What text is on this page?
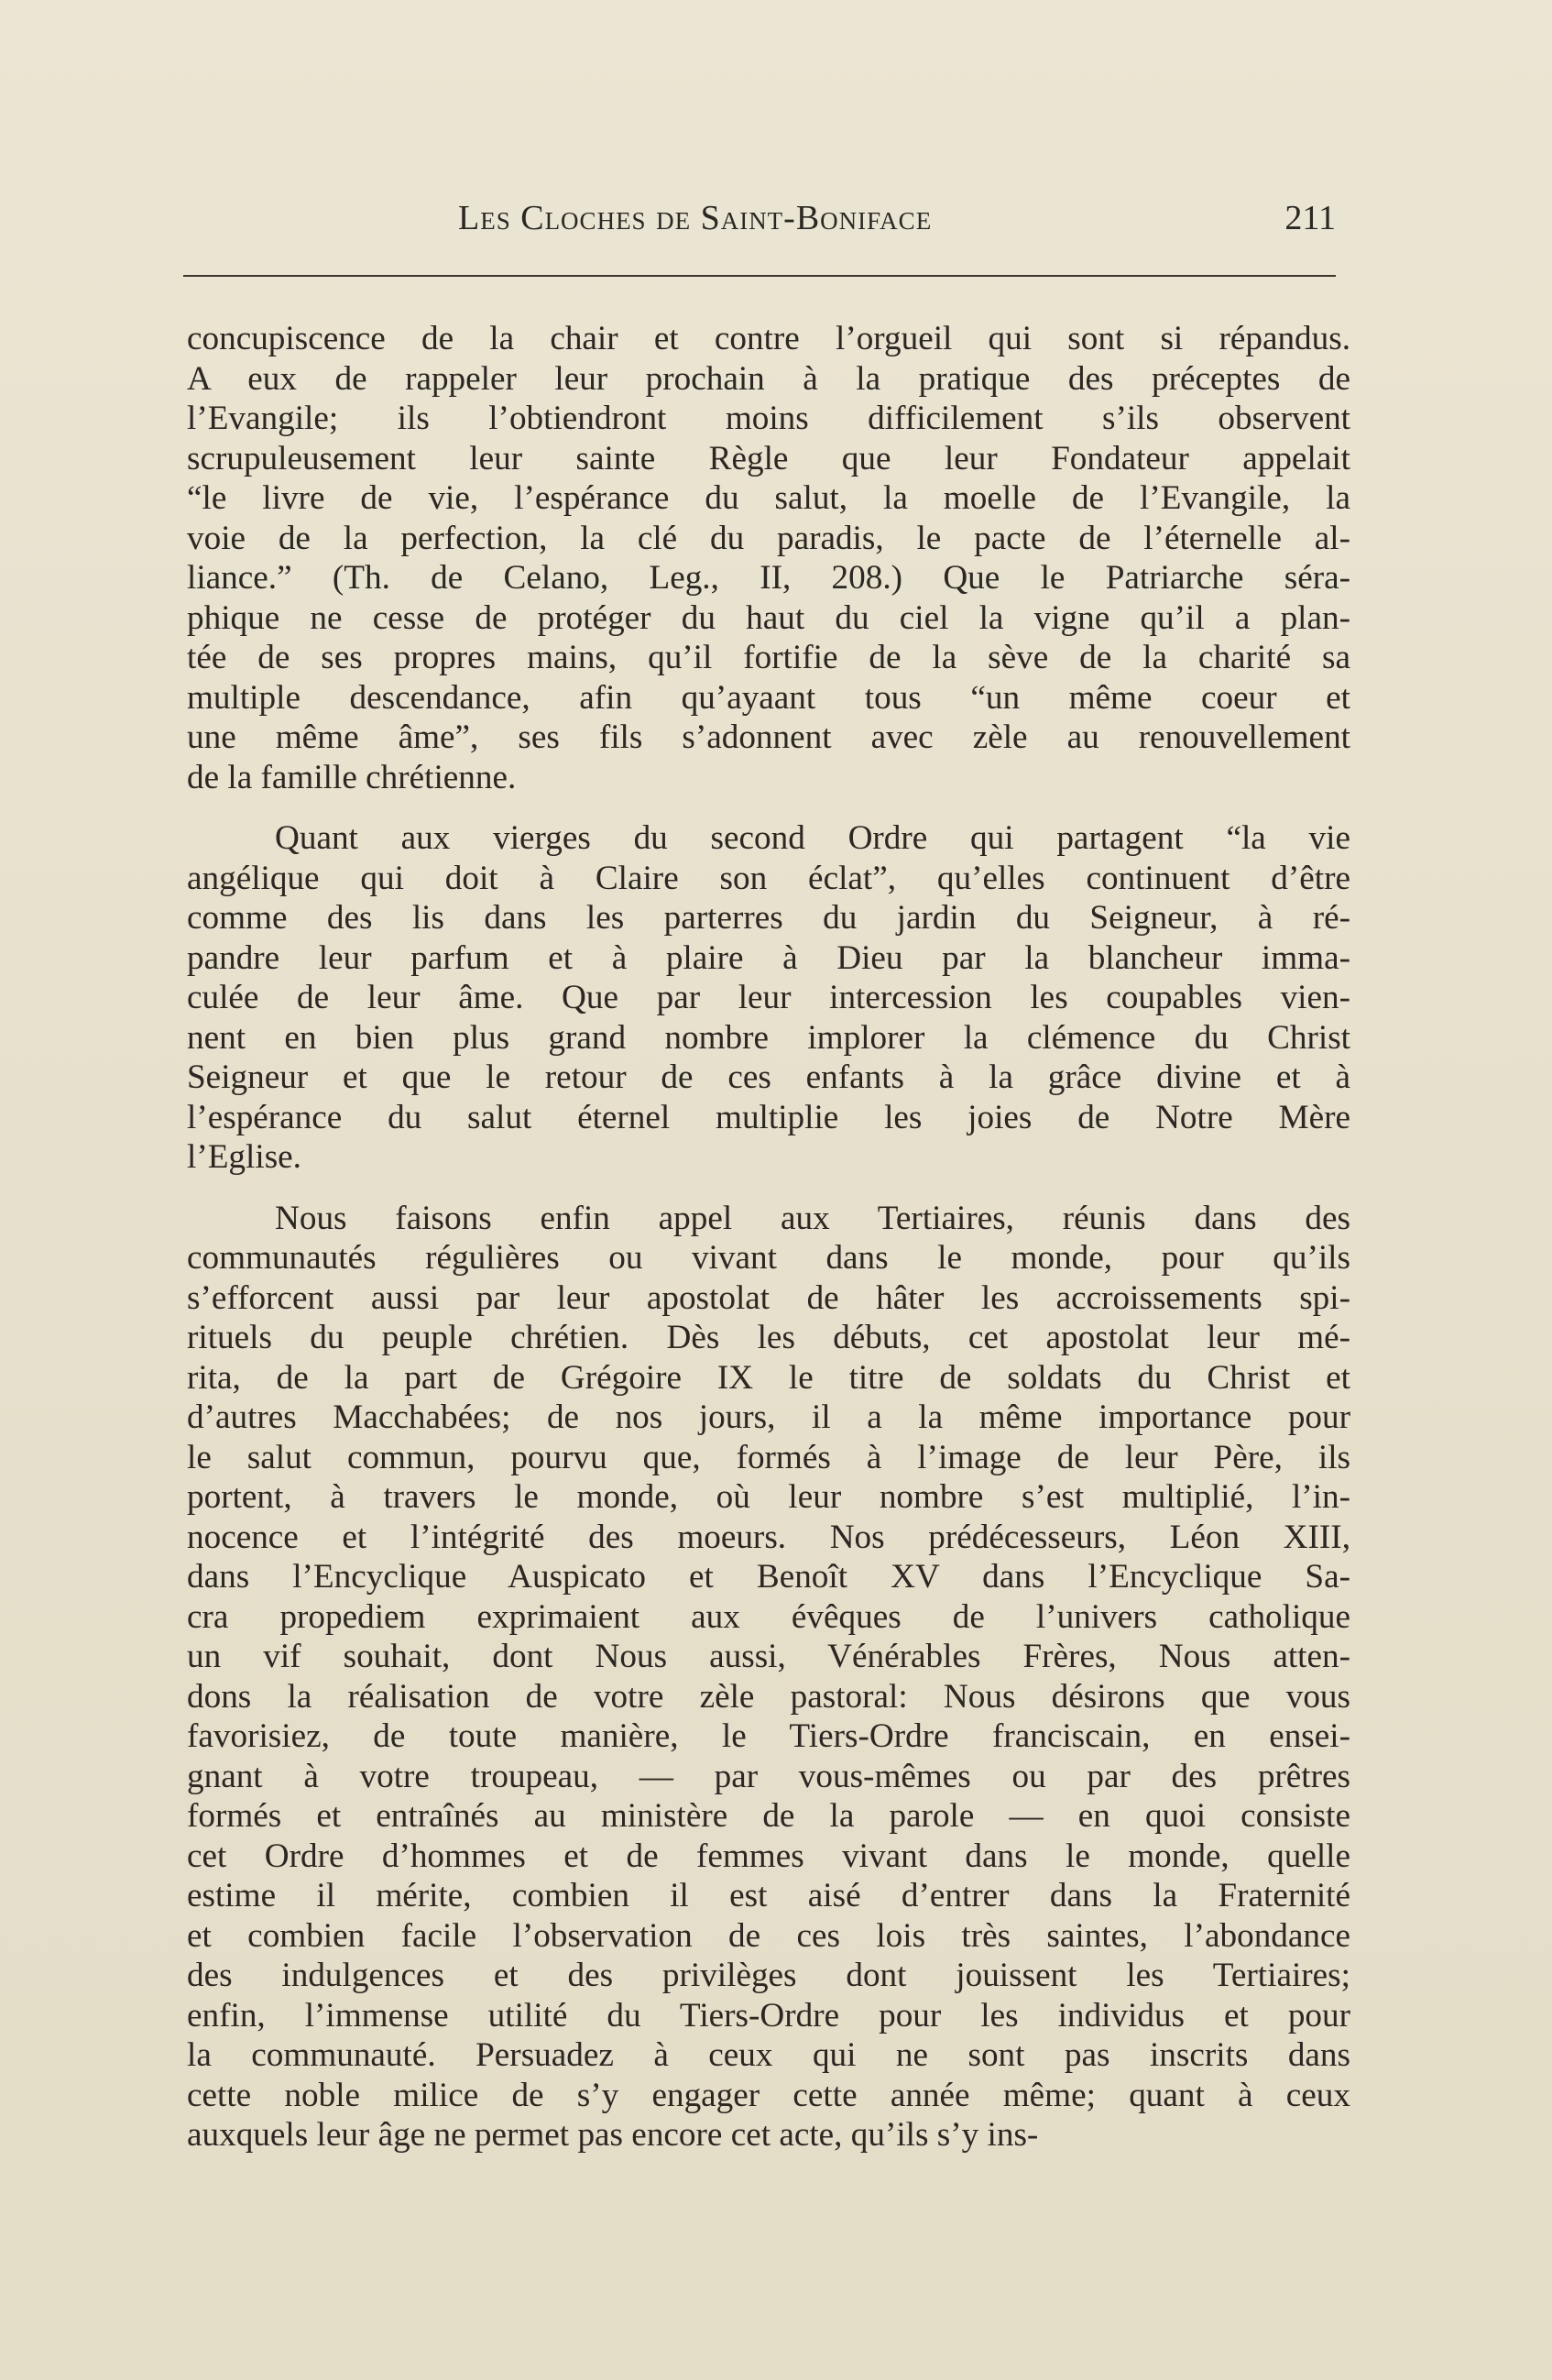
Les Cloches de Saint-Boniface	211
concupiscence de la chair et contre l’orgueil qui sont si répandus.
A eux de rappeler leur prochain à la pratique des préceptes de
l’Evangile; ils l’obtiendront moins difficilement s’ils observent
scrupuleusement leur sainte Règle que leur Fondateur appelait
“le livre de vie, l’espérance du salut, la moelle de l’Evangile, la
voie de la perfection, la clé du paradis, le pacte de l’éternelle al-
liance.” (Th. de Celano, Leg., II, 208.) Que le Patriarche séra-
phique ne cesse de protéger du haut du ciel la vigne qu’il a plan-
tée de ses propres mains, qu’il fortifie de la sève de la charité sa
multiple descendance, afin qu’ayaant tous “un même coeur et
une même âme”, ses fils s’adonnent avec zèle au renouvellement
de la famille chrétienne.
Quant aux vierges du second Ordre qui partagent “la vie
angélique qui doit à Claire son éclat”, qu’elles continuent d’être
comme des lis dans les parterres du jardin du Seigneur, à ré-
pandre leur parfum et à plaire à Dieu par la blancheur imma-
culée de leur âme. Que par leur intercession les coupables vien-
nent en bien plus grand nombre implorer la clémence du Christ
Seigneur et que le retour de ces enfants à la grâce divine et à
l’espérance du salut éternel multiplie les joies de Notre Mère
l’Eglise.
Nous faisons enfin appel aux Tertiaires, réunis dans des
communautés régulières ou vivant dans le monde, pour qu’ils
s’efforcent aussi par leur apostolat de hâter les accroissements spi-
rituels du peuple chrétien. Dès les débuts, cet apostolat leur mé-
rita, de la part de Grégoire IX le titre de soldats du Christ et
d’autres Macchabées; de nos jours, il a la même importance pour
le salut commun, pourvu que, formés à l’image de leur Père, ils
portent, à travers le monde, où leur nombre s’est multiplié, l’in-
nocence et l’intégrité des moeurs. Nos prédécesseurs, Léon XIII,
dans l’Encyclique Auspicato et Benoît XV dans l’Encyclique Sa-
cra propediem exprimaient aux évêques de l’univers catholique
un vif souhait, dont Nous aussi, Vénérables Frères, Nous atten-
dons la réalisation de votre zèle pastoral: Nous désirons que vous
favorisiez, de toute manière, le Tiers-Ordre franciscain, en ensei-
gnant à votre troupeau, — par vous-mêmes ou par des prêtres
formés et entraînés au ministère de la parole — en quoi consiste
cet Ordre d’hommes et de femmes vivant dans le monde, quelle
estime il mérite, combien il est aisé d’entrer dans la Fraternité
et combien facile l’observation de ces lois très saintes, l’abondance
des indulgences et des privilèges dont jouissent les Tertiaires;
enfin, l’immense utilité du Tiers-Ordre pour les individus et pour
la communauté. Persuadez à ceux qui ne sont pas inscrits dans
cette noble milice de s’y engager cette année même; quant à ceux
auxquels leur âge ne permet pas encore cet acte, qu’ils s’y ins-
